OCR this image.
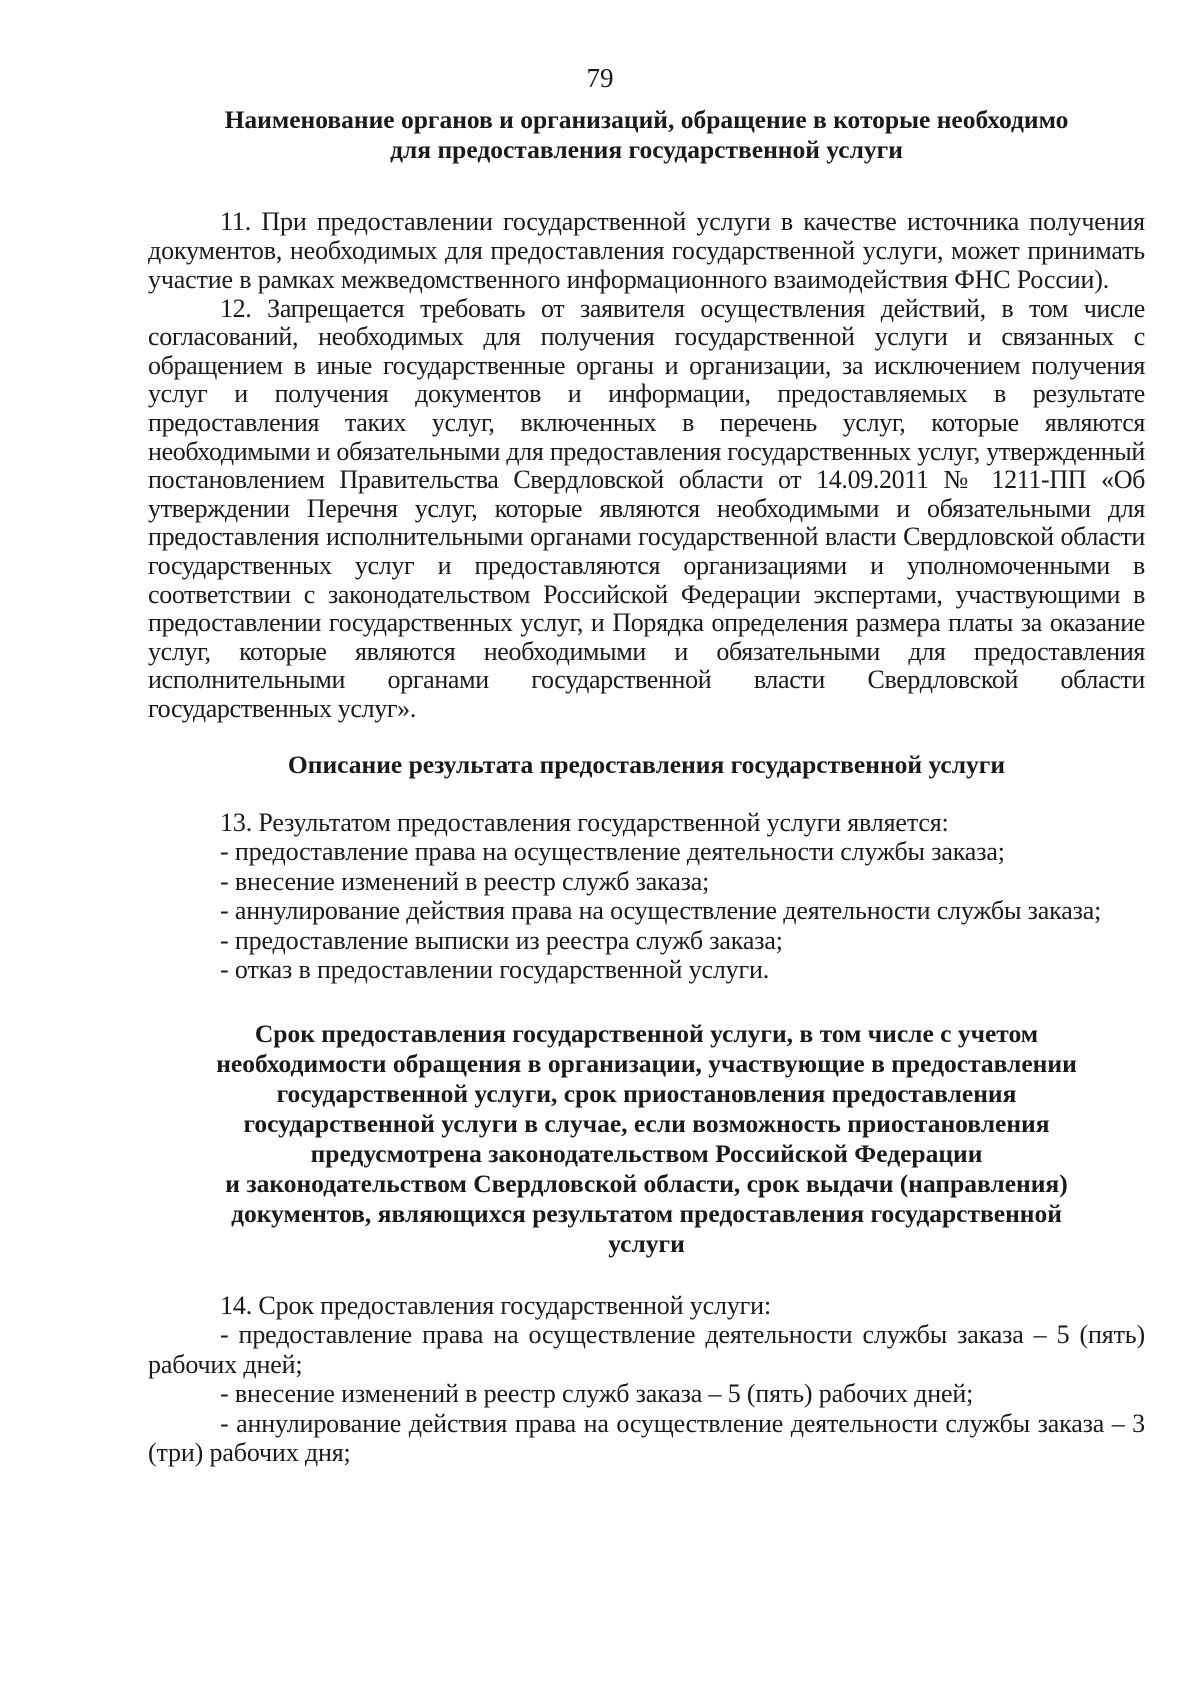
79
Наименование органов и организаций, обращение в которые необходимо
для предоставления государственной услуги

11. При предоставлении государственной услуги в качестве источника получения документов, необходимых для предоставления государственной услуги, может принимать участие в рамках межведомственного информационного взаимодействия ФНС России).

12. Запрещается требовать от заявителя осуществления действий, в том числе согласований, необходимых для получения государственной услуги и связанных с обращением в иные государственные органы и организации, за исключением получения услуг и получения документов и информации, предоставляемых в результате предоставления таких услуг, включенных в перечень услуг, которые являются необходимыми и обязательными для предоставления государственных услуг, утвержденный постановлением Правительства Свердловской области от 14.09.2011 № 1211-ПП «Об утверждении Перечня услуг, которые являются необходимыми и обязательными для предоставления исполнительными органами государственной власти Свердловской области государственных услуг и предоставляются организациями и уполномоченными в соответствии с законодательством Российской Федерации экспертами, участвующими в предоставлении государственных услуг, и Порядка определения размера платы за оказание услуг, которые являются необходимыми и обязательными для предоставления исполнительными органами государственной власти Свердловской области государственных услуг».

Описание результата предоставления государственной услуги

13. Результатом предоставления государственной услуги является:

- предоставление права на осуществление деятельности службы заказа;

- внесение изменений в реестр служб заказа;

- аннулирование действия права на осуществление деятельности службы заказа;

- предоставление выписки из реестра служб заказа;

- отказ в предоставлении государственной услуги.

Срок предоставления государственной услуги, в том числе с учетом
необходимости обращения в организации, участвующие в предоставлении
государственной услуги, срок приостановления предоставления
государственной услуги в случае, если возможность приостановления
предусмотрена законодательством Российской Федерации
и законодательством Свердловской области, срок выдачи (направления)
документов, являющихся результатом предоставления государственной
услуги

14. Срок предоставления государственной услуги:

- предоставление права на осуществление деятельности службы заказа – 5 (пять) рабочих дней;

- внесение изменений в реестр служб заказа – 5 (пять) рабочих дней;

- аннулирование действия права на осуществление деятельности службы заказа – 3 (три) рабочих дня;
